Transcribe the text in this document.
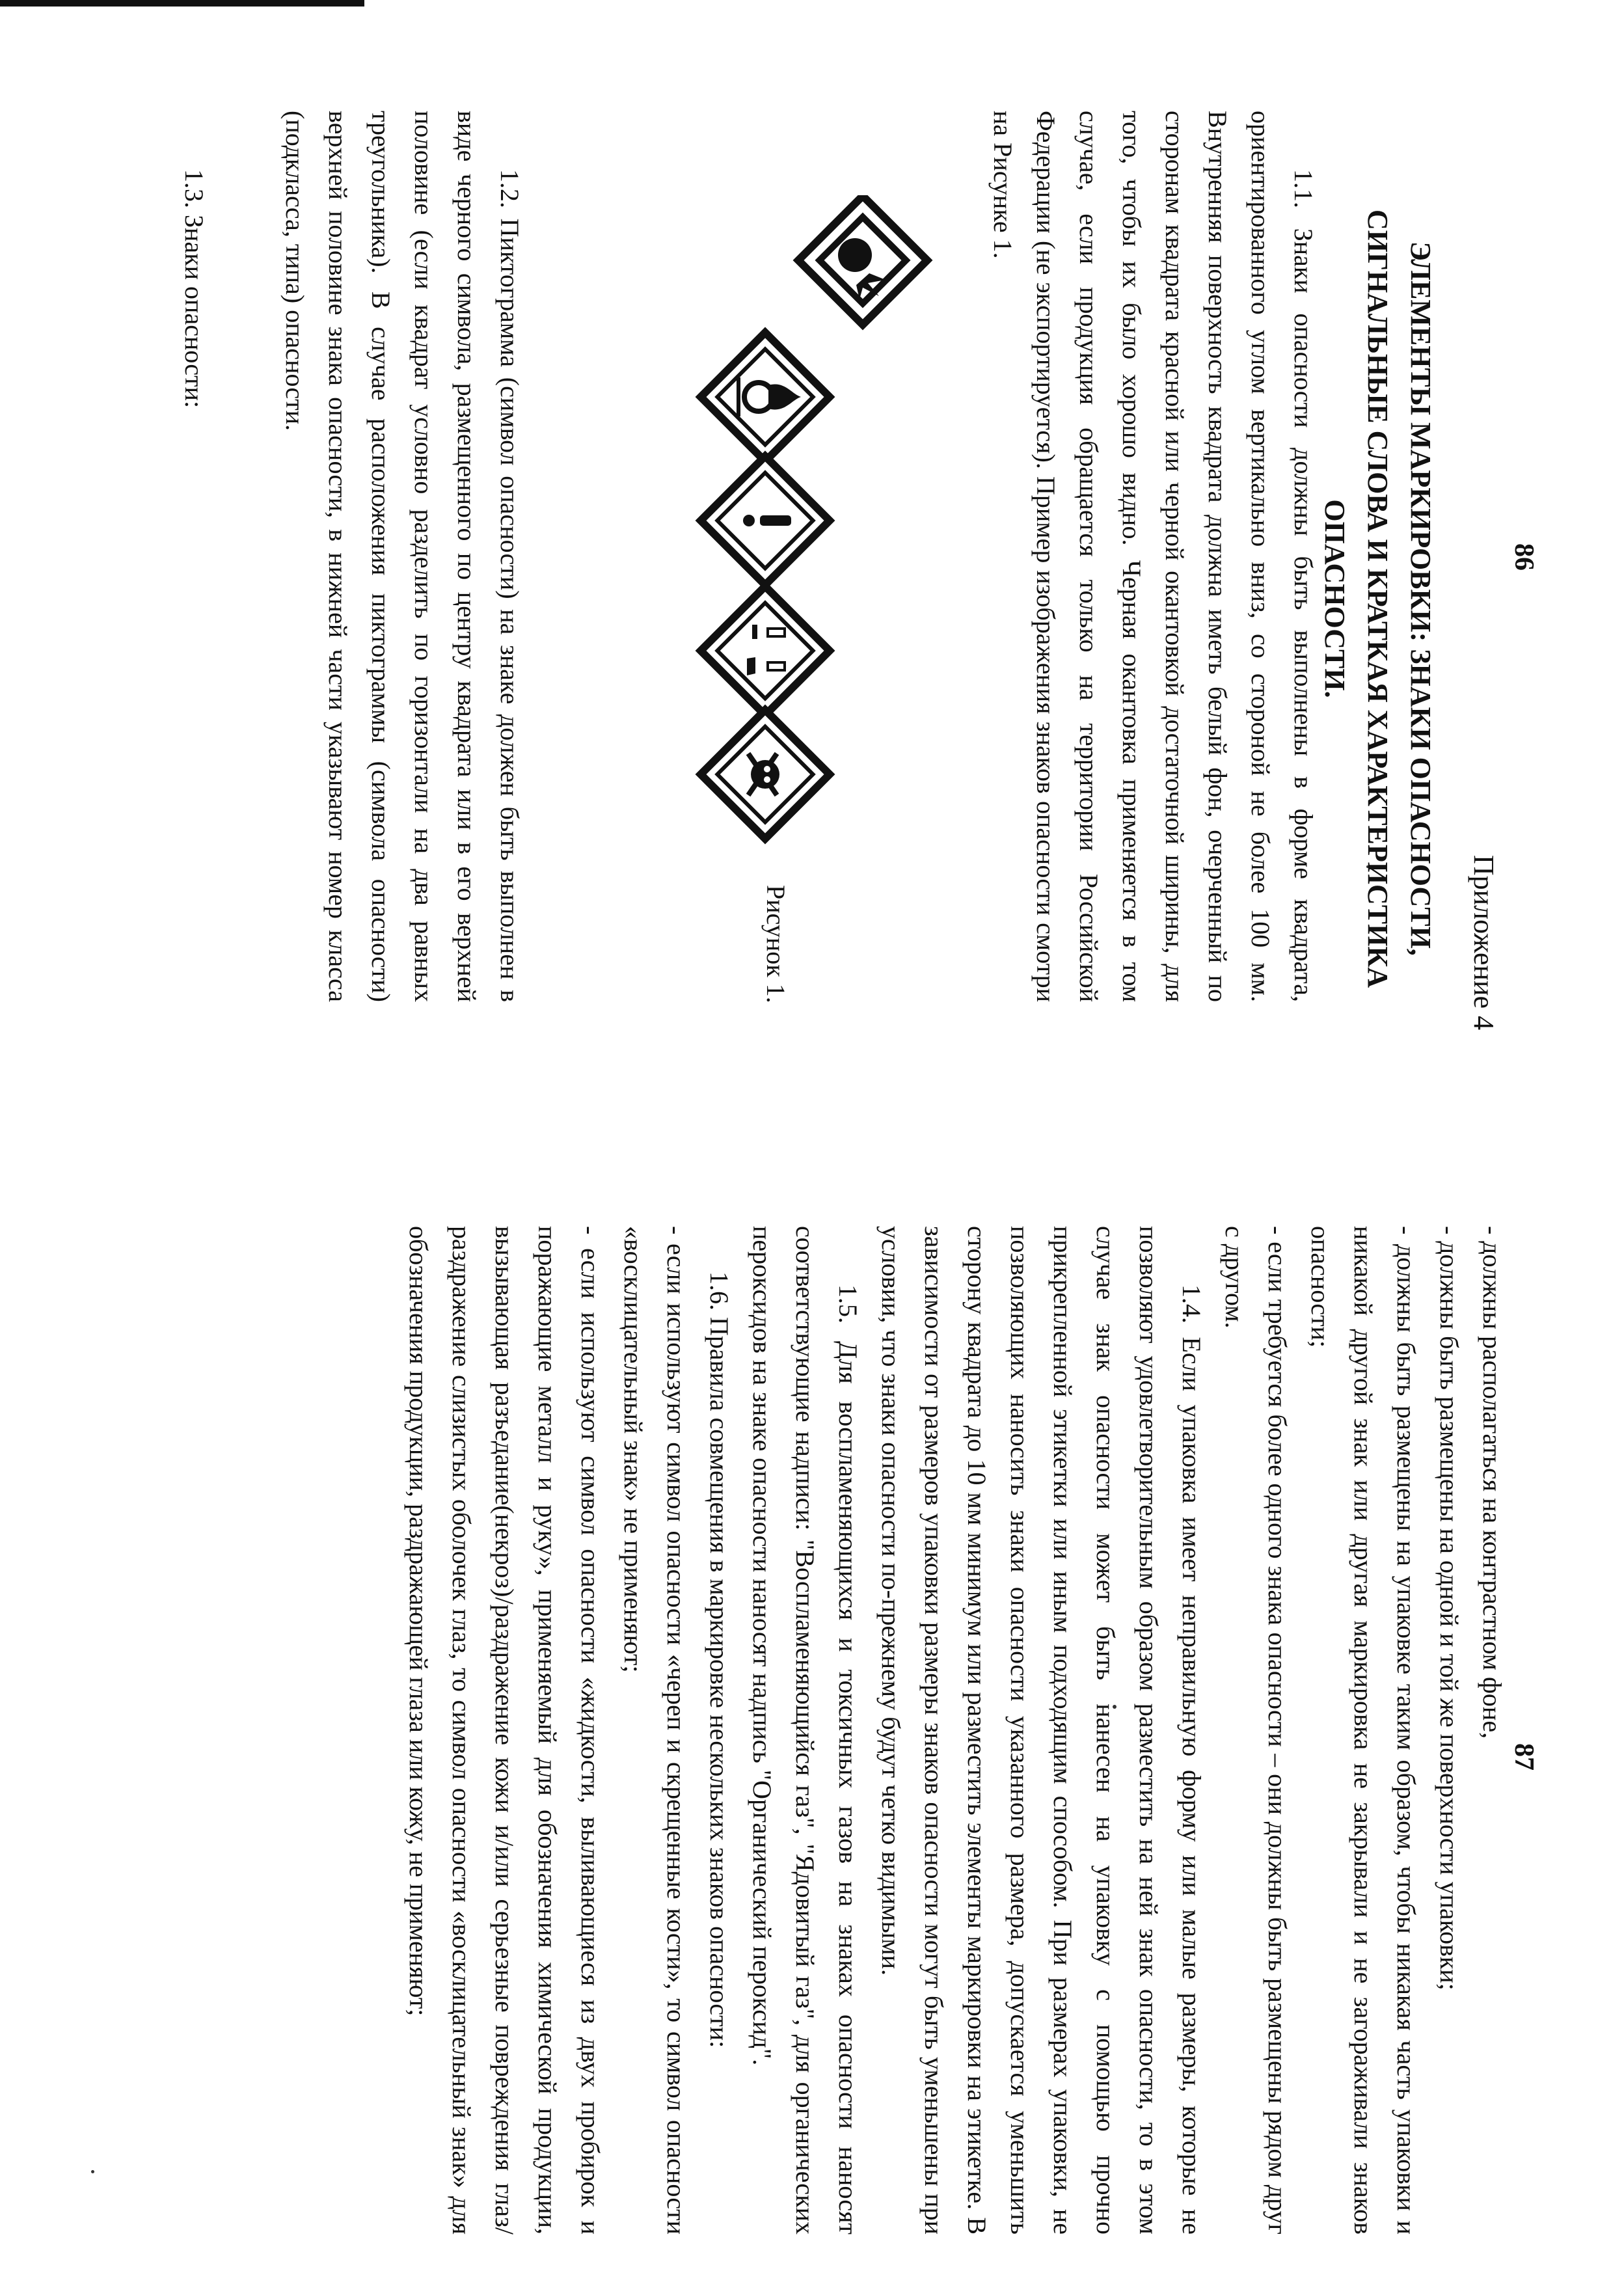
86
Приложение 4
ЭЛЕМЕНТЫ МАРКИРОВКИ: ЗНАКИ ОПАСНОСТИ,
СИГНАЛЬНЫЕ СЛОВА И КРАТКАЯ ХАРАКТЕРИСТИКА
ОПАСНОСТИ.
1.1. Знаки опасности должны быть выполнены в форме квадрата, ориентированного углом вертикально вниз, со стороной не более 100 мм. Внутренняя поверхность квадрата должна иметь белый фон, очерченный по сторонам квадрата красной или черной окантовкой достаточной ширины, для того, чтобы их было хорошо видно. Черная окантовка применяется в том случае, если продукция обращается только на территории Российской Федерации (не экспортируется). Пример изображения знаков опасности смотри на Рисунке 1.
Рисунок 1.
1.2. Пиктограмма (символ опасности) на знаке должен быть выполнен в виде черного символа, размещенного по центру квадрата или в его верхней половине (если квадрат условно разделить по горизонтали на два равных треугольника). В случае расположения пиктограммы (символа опасности) верхней половине знака опасности, в нижней части указывают номер класса (подкласса, типа) опасности.
1.3. Знаки опасности:
87

- должны располагаться на контрастном фоне,

- должны быть размещены на одной и той же поверхности упаковки;

- должны быть размещены на упаковке таким образом, чтобы никакая часть упаковки и никакой другой знак или другая маркировка не закрывали и не загораживали знаков опасности;

- если требуется более одного знака опасности – они должны быть размещены рядом друг с другом.

1.4. Если упаковка имеет неправильную форму или малые размеры, которые не позволяют удовлетворительным образом разместить на ней знак опасности, то в этом случае знак опасности может быть нанесен на упаковку с помощью прочно прикрепленной этикетки или иным подходящим способом. При размерах упаковки, не позволяющих наносить знаки опасности указанного размера, допускается уменьшить сторону квадрата до 10 мм минимум или разместить элементы маркировки на этикетке. В зависимости от размеров упаковки размеры знаков опасности могут быть уменьшены при условии, что знаки опасности по-прежнему будут четко видимыми.

1.5. Для воспламеняющихся и токсичных газов на знаках опасности наносят соответствующие надписи: "Воспламеняющийся газ", "Ядовитый газ", для органических пероксидов на знаке опасности наносят надпись "Органический пероксид".

1.6. Правила совмещения в маркировке нескольких знаков опасности:

- если используют символ опасности «череп и скрещенные кости», то символ опасности «восклицательный знак» не применяют;

- если используют символ опасности «жидкости, выливающиеся из двух пробирок и поражающие металл и руку», применяемый для обозначения химической продукции, вызывающая разъедание(некроз)/раздражение кожи и/или серьезные повреждения глаз/раздражение слизистых оболочек глаз, то символ опасности «восклицательный знак» для обозначения продукции, раздражающей глаза или кожу, не применяют;
